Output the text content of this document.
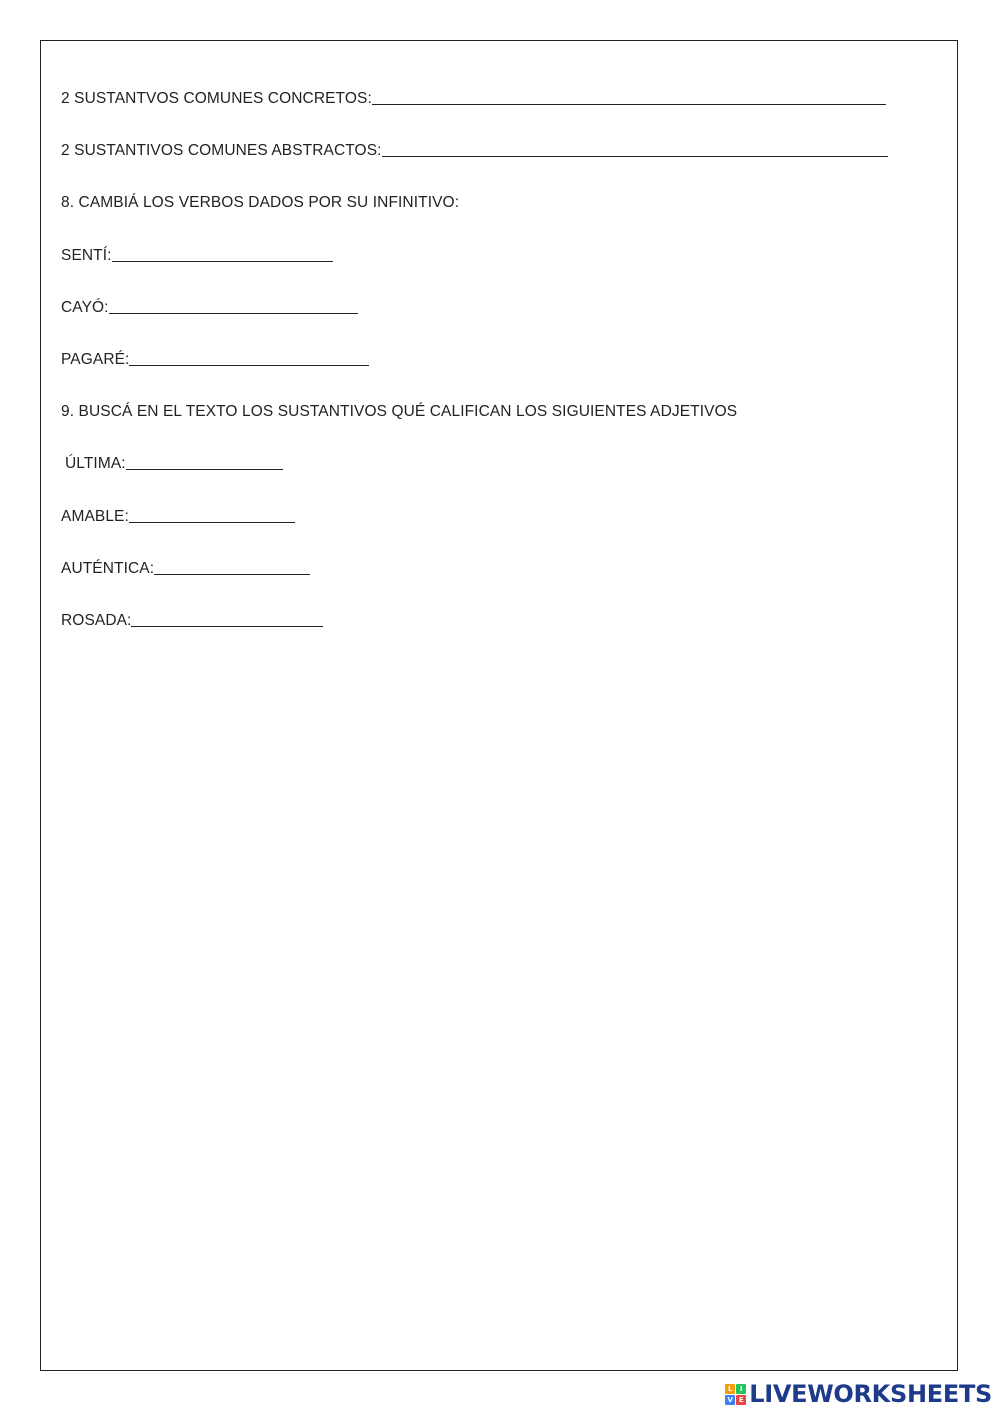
2 SUSTANTVOS COMUNES CONCRETOS:
2 SUSTANTIVOS COMUNES ABSTRACTOS:
8. CAMBIÁ LOS VERBOS DADOS POR SU INFINITIVO:
SENTÍ:
CAYÓ:
PAGARÉ:
9. BUSCÁ EN EL TEXTO LOS SUSTANTIVOS QUÉ CALIFICAN LOS SIGUIENTES ADJETIVOS
ÚLTIMA:
AMABLE:
AUTÉNTICA:
ROSADA:
L	I
V E LIVEWORKSHEETS
